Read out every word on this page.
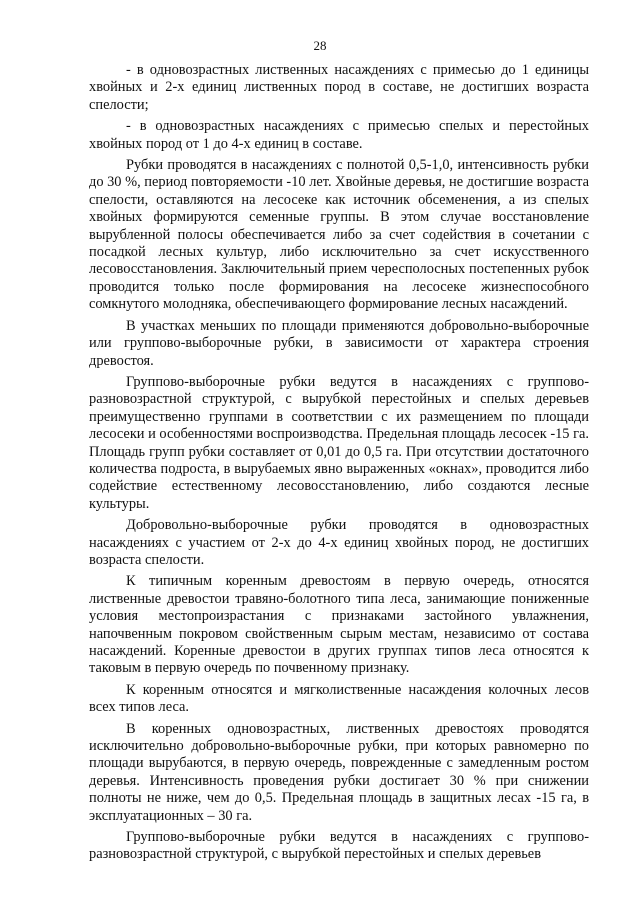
28

- в одновозрастных лиственных насаждениях с примесью до 1 единицы хвойных и 2-х единиц лиственных пород в составе, не достигших возраста спелости;

- в одновозрастных насаждениях с примесью спелых и перестойных хвойных пород от 1 до 4-х единиц в составе.

Рубки проводятся в насаждениях с полнотой 0,5-1,0, интенсивность рубки до 30 %, период повторяемости -10 лет. Хвойные деревья, не достигшие возраста спелости, оставляются на лесосеке как источник обсеменения, а из спелых хвойных формируются семенные группы. В этом случае восстановление вырубленной полосы обеспечивается либо за счет содействия в сочетании с посадкой лесных культур, либо исключительно за счет искусственного лесовосстановления. Заключительный прием чересполосных постепенных рубок проводится только после формирования на лесосеке жизнеспособного сомкнутого молодняка, обеспечивающего формирование лесных насаждений.

В участках меньших по площади применяются добровольно-выборочные или группово-выборочные рубки, в зависимости от характера строения древостоя.

Группово-выборочные рубки ведутся в насаждениях с группово-разновозрастной структурой, с вырубкой перестойных и спелых деревьев преимущественно группами в соответствии с их размещением по площади лесосеки и особенностями воспроизводства. Предельная площадь лесосек -15 га. Площадь групп рубки составляет от 0,01 до 0,5 га. При отсутствии достаточного количества подроста, в вырубаемых явно выраженных «окнах», проводится либо содействие естественному лесовосстановлению, либо создаются лесные культуры.

Добровольно-выборочные рубки проводятся в одновозрастных насаждениях с участием от 2-х до 4-х единиц хвойных пород, не достигших возраста спелости.

К типичным коренным древостоям в первую очередь, относятся лиственные древостои травяно-болотного типа леса, занимающие пониженные условия местопроизрастания с признаками застойного увлажнения, напочвенным покровом свойственным сырым местам, независимо от состава насаждений. Коренные древостои в других группах типов леса относятся к таковым в первую очередь по почвенному признаку.

К коренным относятся и мягколиственные насаждения колочных лесов всех типов леса.

В коренных одновозрастных, лиственных древостоях проводятся исключительно добровольно-выборочные рубки, при которых равномерно по площади вырубаются, в первую очередь, поврежденные с замедленным ростом деревья. Интенсивность проведения рубки достигает 30 % при снижении полноты не ниже, чем до 0,5. Предельная площадь в защитных лесах -15 га, в эксплуатационных – 30 га.

Группово-выборочные рубки ведутся в насаждениях с группово-разновозрастной структурой, с вырубкой перестойных и спелых деревьев
